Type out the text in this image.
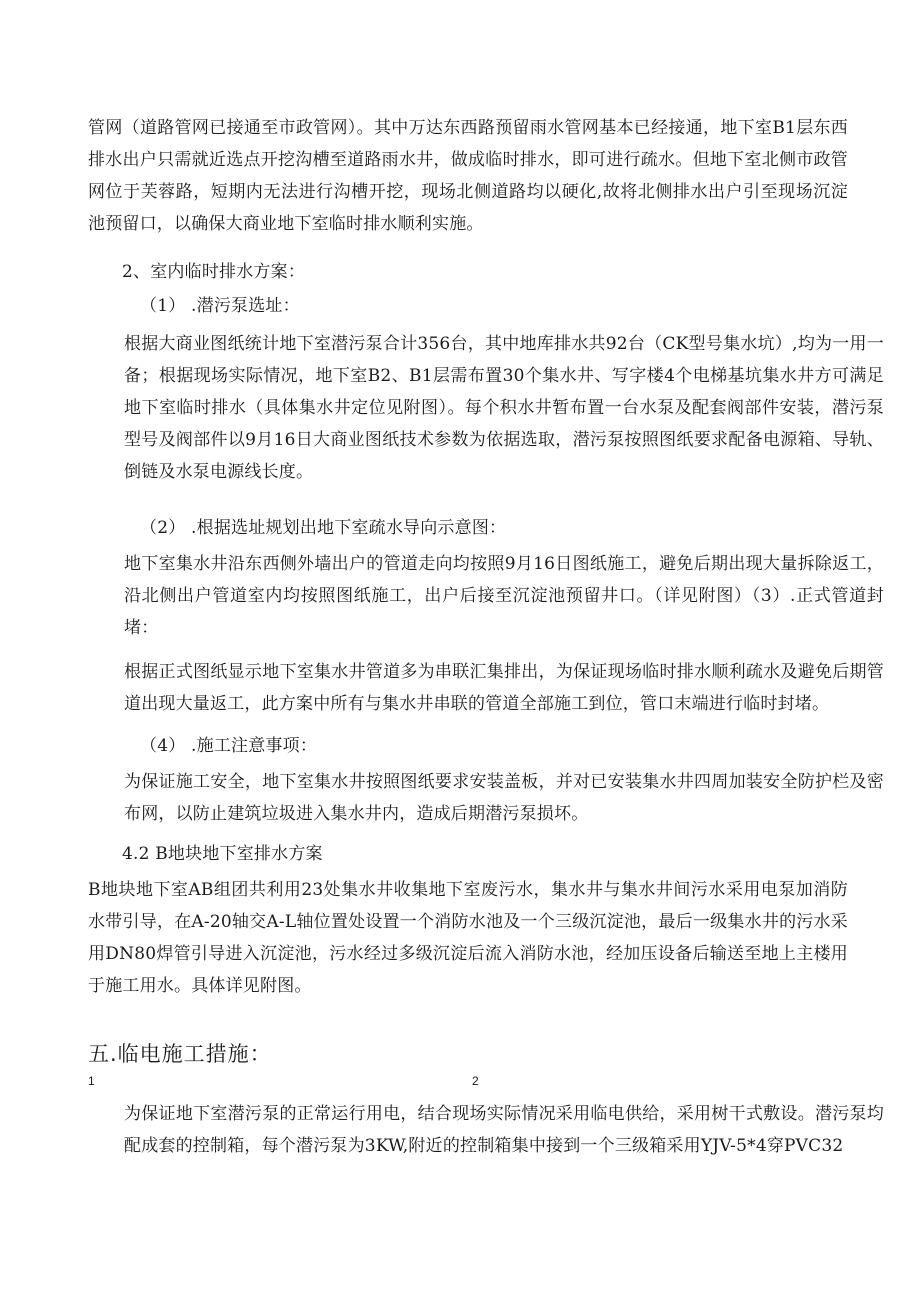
管网（道路管网已接通至市政管网）。其中万达东西路预留雨水管网基本已经接通，地下室B1层东西排水出户只需就近选点开挖沟槽至道路雨水井，做成临时排水，即可进行疏水。但地下室北侧市政管网位于芙蓉路，短期内无法进行沟槽开挖，现场北侧道路均以硬化,故将北侧排水出户引至现场沉淀池预留口，以确保大商业地下室临时排水顺利实施。
2、室内临时排水方案：
（1） .潜污泵选址：
根据大商业图纸统计地下室潜污泵合计356台，其中地库排水共92台（CK型号集水坑）,均为一用一备；根据现场实际情况，地下室B2、B1层需布置30个集水井、写字楼4个电梯基坑集水井方可满足地下室临时排水（具体集水井定位见附图）。每个积水井暂布置一台水泵及配套阀部件安装，潜污泵型号及阀部件以9月16日大商业图纸技术参数为依据选取，潜污泵按照图纸要求配备电源箱、导轨、倒链及水泵电源线长度。
（2） .根据选址规划出地下室疏水导向示意图：
地下室集水井沿东西侧外墙出户的管道走向均按照9月16日图纸施工，避免后期出现大量拆除返工，沿北侧出户管道室内均按照图纸施工，出户后接至沉淀池预留井口。（详见附图）（3）.正式管道封堵：
根据正式图纸显示地下室集水井管道多为串联汇集排出，为保证现场临时排水顺利疏水及避免后期管道出现大量返工，此方案中所有与集水井串联的管道全部施工到位，管口末端进行临时封堵。
（4） .施工注意事项：
为保证施工安全，地下室集水井按照图纸要求安装盖板，并对已安装集水井四周加装安全防护栏及密布网，以防止建筑垃圾进入集水井内，造成后期潜污泵损坏。
4.2 B地块地下室排水方案
B地块地下室AB组团共利用23处集水井收集地下室废污水，集水井与集水井间污水采用电泵加消防水带引导，在A-20轴交A-L轴位置处设置一个消防水池及一个三级沉淀池，最后一级集水井的污水采用DN80焊管引导进入沉淀池，污水经过多级沉淀后流入消防水池，经加压设备后输送至地上主楼用于施工用水。具体详见附图。
五.临电施工措施：
1	2
为保证地下室潜污泵的正常运行用电，结合现场实际情况采用临电供给，采用树干式敷设。潜污泵均配成套的控制箱，每个潜污泵为3KW,附近的控制箱集中接到一个三级箱采用YJV-5*4穿PVC32
